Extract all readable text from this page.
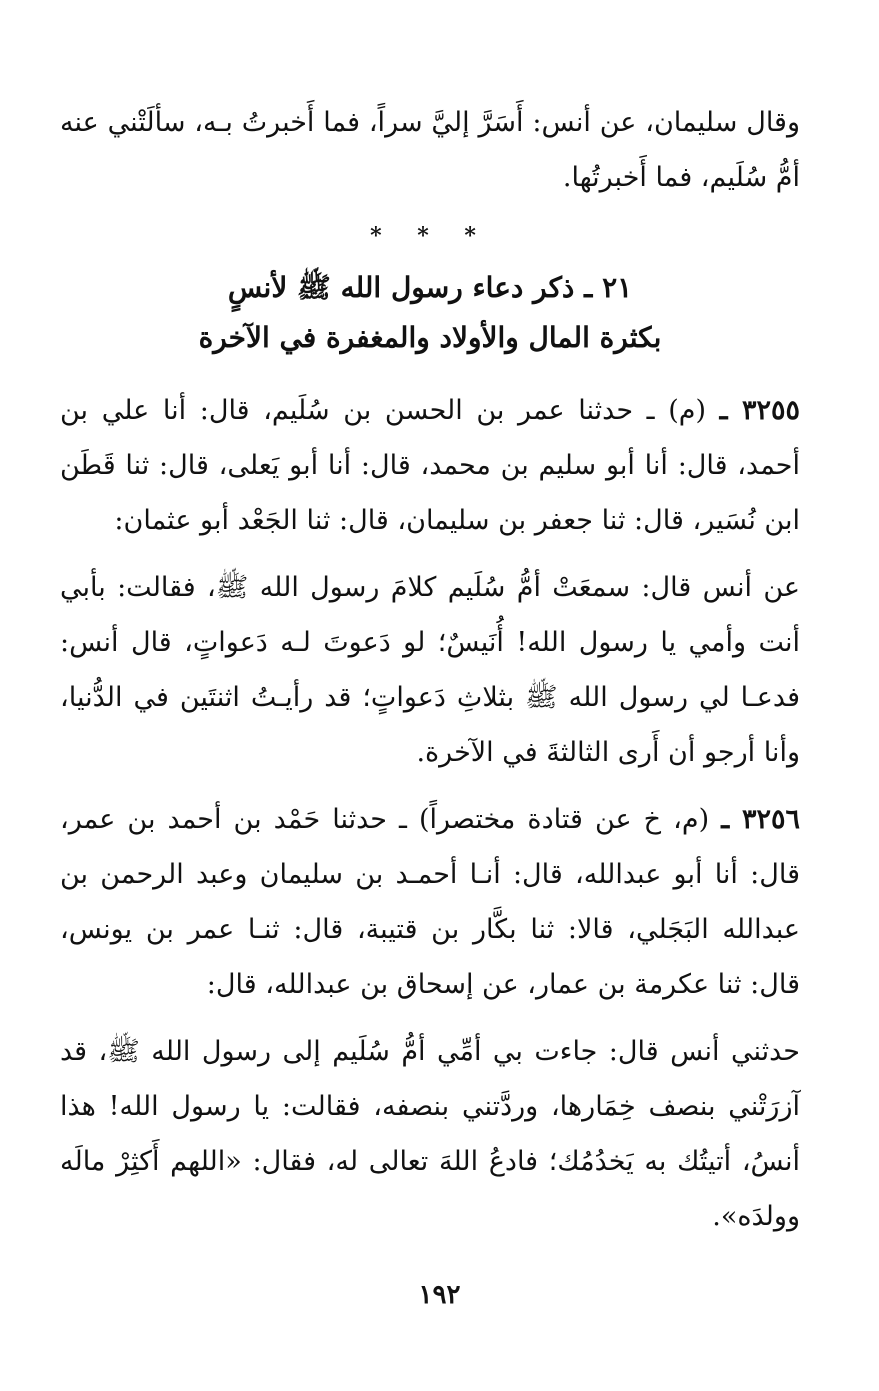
وقال سليمان، عن أنس: أَسَرَّ إليَّ سراً، فما أَخبرتُ بـه، سألَتْني عنه أمُّ سُلَيم، فما أَخبرتُها.

* * *
٢١ ـ ذكر دعاء رسول الله ﷺ لأنسٍ
بكثرة المال والأولاد والمغفرة في الآخرة

٣٢٥٥ ـ (م) ـ حدثنا عمر بن الحسن بن سُلَيم، قال: أنا علي بن أحمد، قال: أنا أبو سليم بن محمد، قال: أنا أبو يَعلى، قال: ثنا قَطَن ابن نُسَير، قال: ثنا جعفر بن سليمان، قال: ثنا الجَعْد أبو عثمان:

عن أنس قال: سمعَتْ أمُّ سُلَيم كلامَ رسول الله ﷺ، فقالت: بأبي أنت وأمي يا رسول الله! أُنَيسٌ؛ لو دَعوتَ لـه دَعواتٍ، قال أنس: فدعـا لي رسول الله ﷺ بثلاثِ دَعواتٍ؛ قد رأيـتُ اثنتَين في الدُّنيا، وأنا أرجو أن أَرى الثالثةَ في الآخرة.

٣٢٥٦ ـ (م، خ عن قتادة مختصراً) ـ حدثنا حَمْد بن أحمد بن عمر، قال: أنا أبو عبدالله، قال: أنـا أحمـد بن سليمان وعبد الرحمن بن عبدالله البَجَلي، قالا: ثنا بكَّار بن قتيبة، قال: ثنـا عمر بن يونس، قال: ثنا عكرمة بن عمار، عن إسحاق بن عبدالله، قال:

حدثني أنس قال: جاءت بي أمِّي أمُّ سُلَيم إلى رسول الله ﷺ، قد آزرَتْني بنصف خِمَارها، وردَّتني بنصفه، فقالت: يا رسول الله! هذا أنسُ، أتيتُك به يَخدُمُك؛ فادعُ اللهَ تعالى له، فقال: «اللهم أَكثِرْ مالَه وولدَه».

١٩٢
